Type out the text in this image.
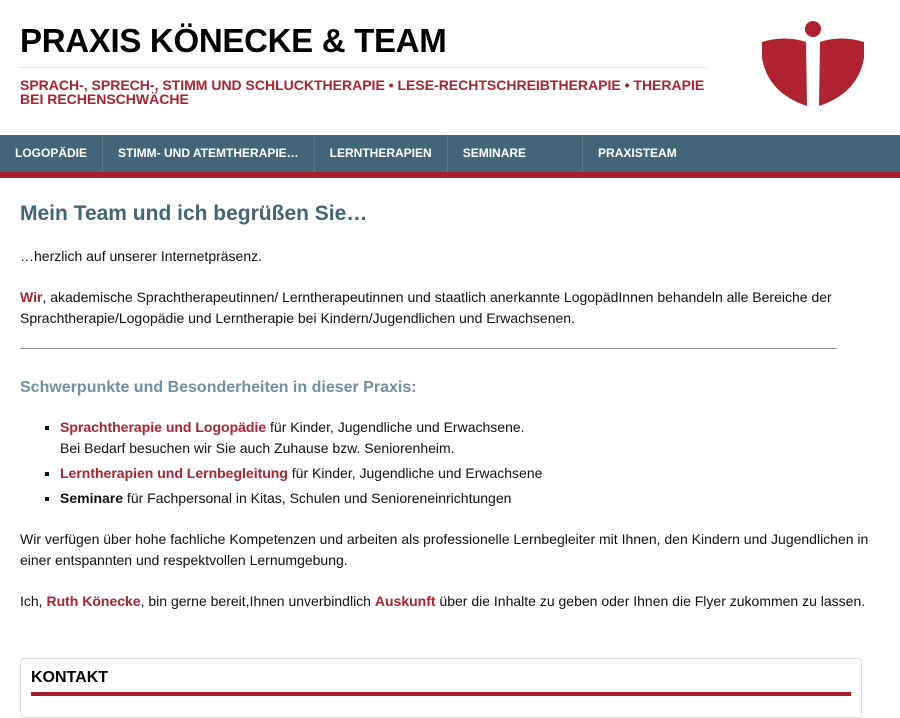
PRAXIS KÖNECKE & TEAM
SPRACH-, SPRECH-, STIMM UND SCHLUCKTHERAPIE • LESE-RECHTSCHREIBTHERAPIE • THERAPIE BEI RECHENSCHWÄCHE
LOGOPÄDIE	STIMM- UND ATEMTHERAPIE…	LERNTHERAPIEN	SEMINARE	PRAXISTEAM
Mein Team und ich begrüßen Sie…

…herzlich auf unserer Internetpräsenz.

Wir, akademische Sprachtherapeutinnen/ Lerntherapeutinnen und staatlich anerkannte LogopädInnen behandeln alle Bereiche der Sprachtherapie/Logopädie und Lerntherapie bei Kindern/Jugendlichen und Erwachsenen.

Schwerpunkte und Besonderheiten in dieser Praxis:
▪ Sprachtherapie und Logopädie für Kinder, Jugendliche und Erwachsene.
Bei Bedarf besuchen wir Sie auch Zuhause bzw. Seniorenheim.
▪ Lerntherapien und Lernbegleitung für Kinder, Jugendliche und Erwachsene
▪ Seminare für Fachpersonal in Kitas, Schulen und Senioreneinrichtungen

Wir verfügen über hohe fachliche Kompetenzen und arbeiten als professionelle Lernbegleiter mit Ihnen, den Kindern und Jugendlichen in einer entspannten und respektvollen Lernumgebung.

Ich, Ruth Könecke, bin gerne bereit,Ihnen unverbindlich Auskunft über die Inhalte zu geben oder Ihnen die Flyer zukommen zu lassen.

KONTAKT
